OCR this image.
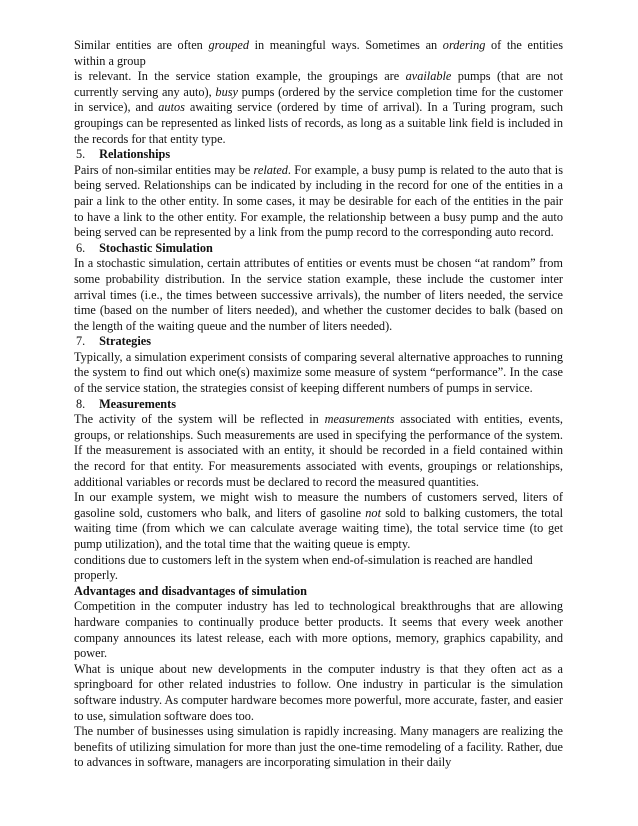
Similar entities are often grouped in meaningful ways. Sometimes an ordering of the entities within a group

is relevant. In the service station example, the groupings are available pumps (that are not currently serving any auto), busy pumps (ordered by the service completion time for the customer in service), and autos awaiting service (ordered by time of arrival). In a Turing program, such groupings can be represented as linked lists of records, as long as a suitable link field is included in the records for that entity type.

5. Relationships

Pairs of non-similar entities may be related. For example, a busy pump is related to the auto that is being served. Relationships can be indicated by including in the record for one of the entities in a pair a link to the other entity. In some cases, it may be desirable for each of the entities in the pair to have a link to the other entity. For example, the relationship between a busy pump and the auto being served can be represented by a link from the pump record to the corresponding auto record.

6. Stochastic Simulation

In a stochastic simulation, certain attributes of entities or events must be chosen “at random” from some probability distribution. In the service station example, these include the customer inter arrival times (i.e., the times between successive arrivals), the number of liters needed, the service time (based on the number of liters needed), and whether the customer decides to balk (based on the length of the waiting queue and the number of liters needed).

7. Strategies

Typically, a simulation experiment consists of comparing several alternative approaches to running the system to find out which one(s) maximize some measure of system “performance”. In the case of the service station, the strategies consist of keeping different numbers of pumps in service.

8. Measurements

The activity of the system will be reflected in measurements associated with entities, events, groups, or relationships. Such measurements are used in specifying the performance of the system. If the measurement is associated with an entity, it should be recorded in a field contained within the record for that entity. For measurements associated with events, groupings or relationships, additional variables or records must be declared to record the measured quantities.

In our example system, we might wish to measure the numbers of customers served, liters of gasoline sold, customers who balk, and liters of gasoline not sold to balking customers, the total waiting time (from which we can calculate average waiting time), the total service time (to get pump utilization), and the total time that the waiting queue is empty.

conditions due to customers left in the system when end-of-simulation is reached are handled properly.

Advantages and disadvantages of simulation

Competition in the computer industry has led to technological breakthroughs that are allowing hardware companies to continually produce better products. It seems that every week another company announces its latest release, each with more options, memory, graphics capability, and power.

What is unique about new developments in the computer industry is that they often act as a springboard for other related industries to follow. One industry in particular is the simulation software industry. As computer hardware becomes more powerful, more accurate, faster, and easier to use, simulation software does too.

The number of businesses using simulation is rapidly increasing. Many managers are realizing the benefits of utilizing simulation for more than just the one-time remodeling of a facility. Rather, due to advances in software, managers are incorporating simulation in their daily
